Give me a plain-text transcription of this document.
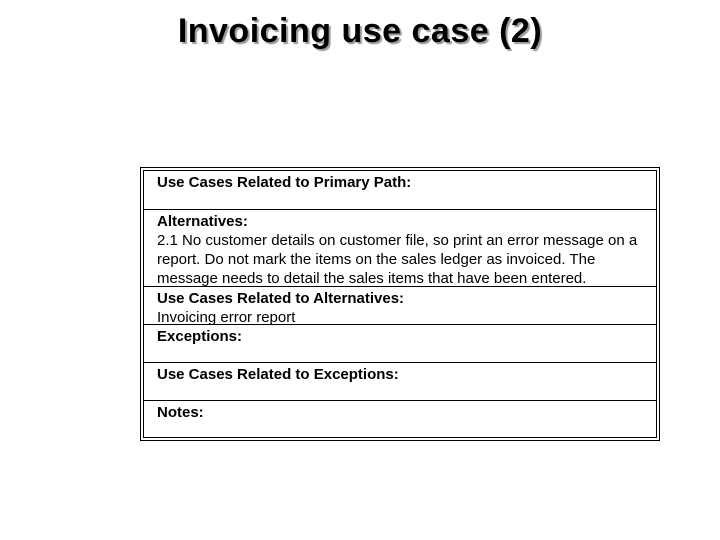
Invoicing use case (2)
Use Cases Related to Primary Path:
Alternatives:
2.1 No customer details on customer file, so print an error message on a
report. Do not mark the items on the sales ledger as invoiced. The
message needs to detail the sales items that have been entered.
Use Cases Related to Alternatives:
Invoicing error report
Exceptions:
Use Cases Related to Exceptions:
Notes:
